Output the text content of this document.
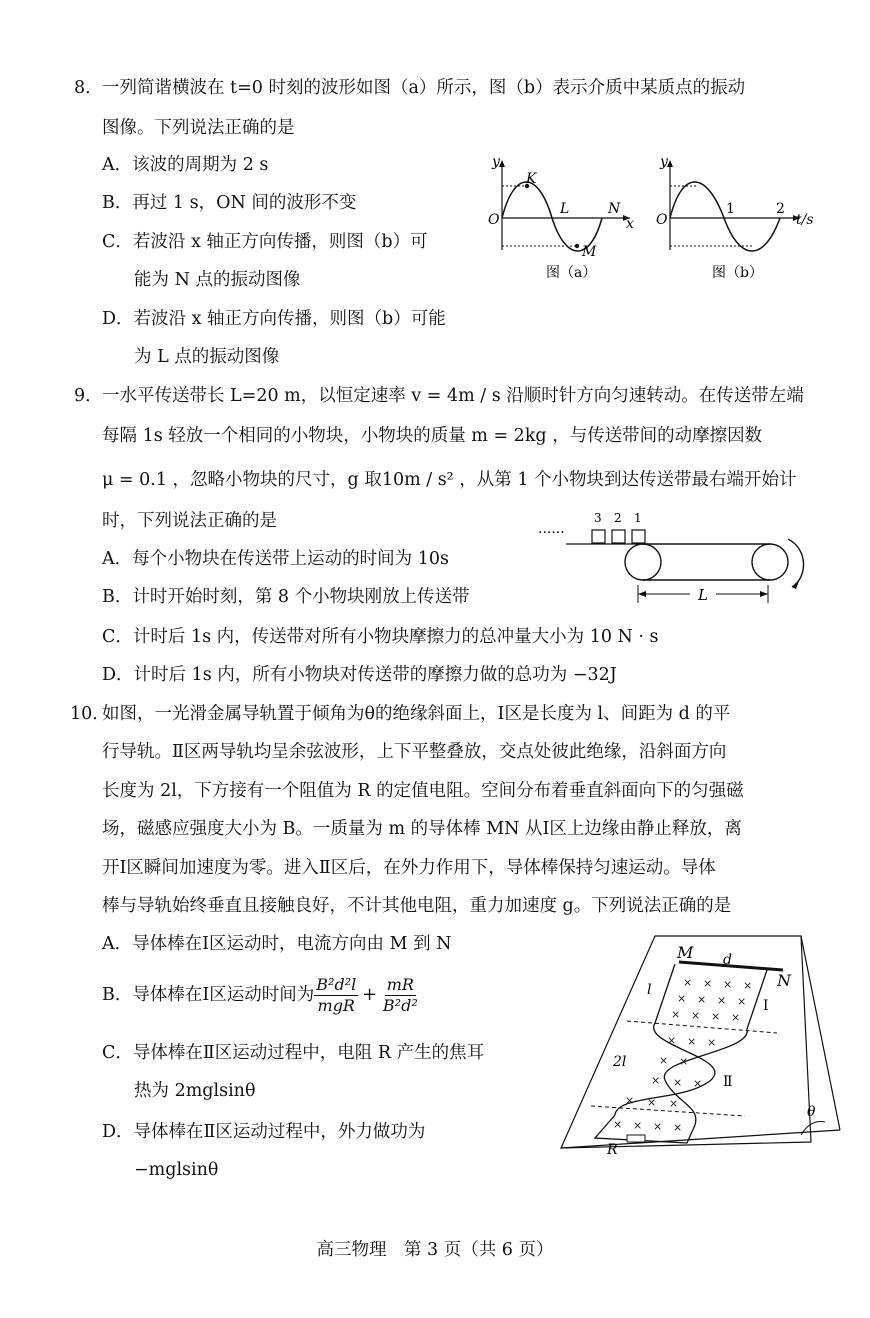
8． 一列简谐横波在 t=0 时刻的波形如图（a）所示，图（b）表示介质中某质点的振动
图像。下列说法正确的是
A．该波的周期为 2 s
B．再过 1 s，ON 间的波形不变
C．若波沿 x 轴正方向传播，则图（b）可
能为 N 点的振动图像
D．若波沿 x 轴正方向传播，则图（b）可能
为 L 点的振动图像
y
K
O
L	N
x
M
图（a）
y
O
1	2
t/s
图（b）
9． 一水平传送带长 L=20 m，以恒定速率 v = 4m / s 沿顺时针方向匀速转动。在传送带左端
每隔 1s 轻放一个相同的小物块，小物块的质量 m = 2kg ，与传送带间的动摩擦因数
μ = 0.1 ，忽略小物块的尺寸，g 取10m / s² ，从第 1 个小物块到达传送带最右端开始计
时，下列说法正确的是
A．每个小物块在传送带上运动的时间为 10s
B．计时开始时刻，第 8 个小物块刚放上传送带
C．计时后 1s 内，传送带对所有小物块摩擦力的总冲量大小为 10 N · s
D．计时后 1s 内，所有小物块对传送带的摩擦力做的总功为 −32J
······
3 2 1
L
10．
如图，一光滑金属导轨置于倾角为θ的绝缘斜面上，Ⅰ区是长度为 l、间距为 d 的平
行导轨。Ⅱ区两导轨均呈余弦波形，上下平整叠放，交点处彼此绝缘，沿斜面方向
长度为 2l，下方接有一个阻值为 R 的定值电阻。空间分布着垂直斜面向下的匀强磁
场，磁感应强度大小为 B。一质量为 m 的导体棒 MN 从Ⅰ区上边缘由静止释放，离
开Ⅰ区瞬间加速度为零。进入Ⅱ区后，在外力作用下，导体棒保持匀速运动。导体
棒与导轨始终垂直且接触良好，不计其他电阻，重力加速度 g。下列说法正确的是
A．导体棒在Ⅰ区运动时，电流方向由 M 到 N
B．导体棒在Ⅰ区运动时间为 $\frac{\text{B²d²l}}{\text{mgR}} + \frac{mR}{\text{B²d²}}$
C．导体棒在Ⅱ区运动过程中，电阻 R 产生的焦耳
热为 2mglsinθ
D．导体棒在Ⅱ区运动过程中，外力做功为
−mglsinθ
θ
M d
N
l
Ⅰ
2l
Ⅱ
R
× × × ×
× × × ×
× × × ×
× × ×
× ×
× × ×
× × ×
× × × ×
高三物理　第 3 页（共 6 页）
